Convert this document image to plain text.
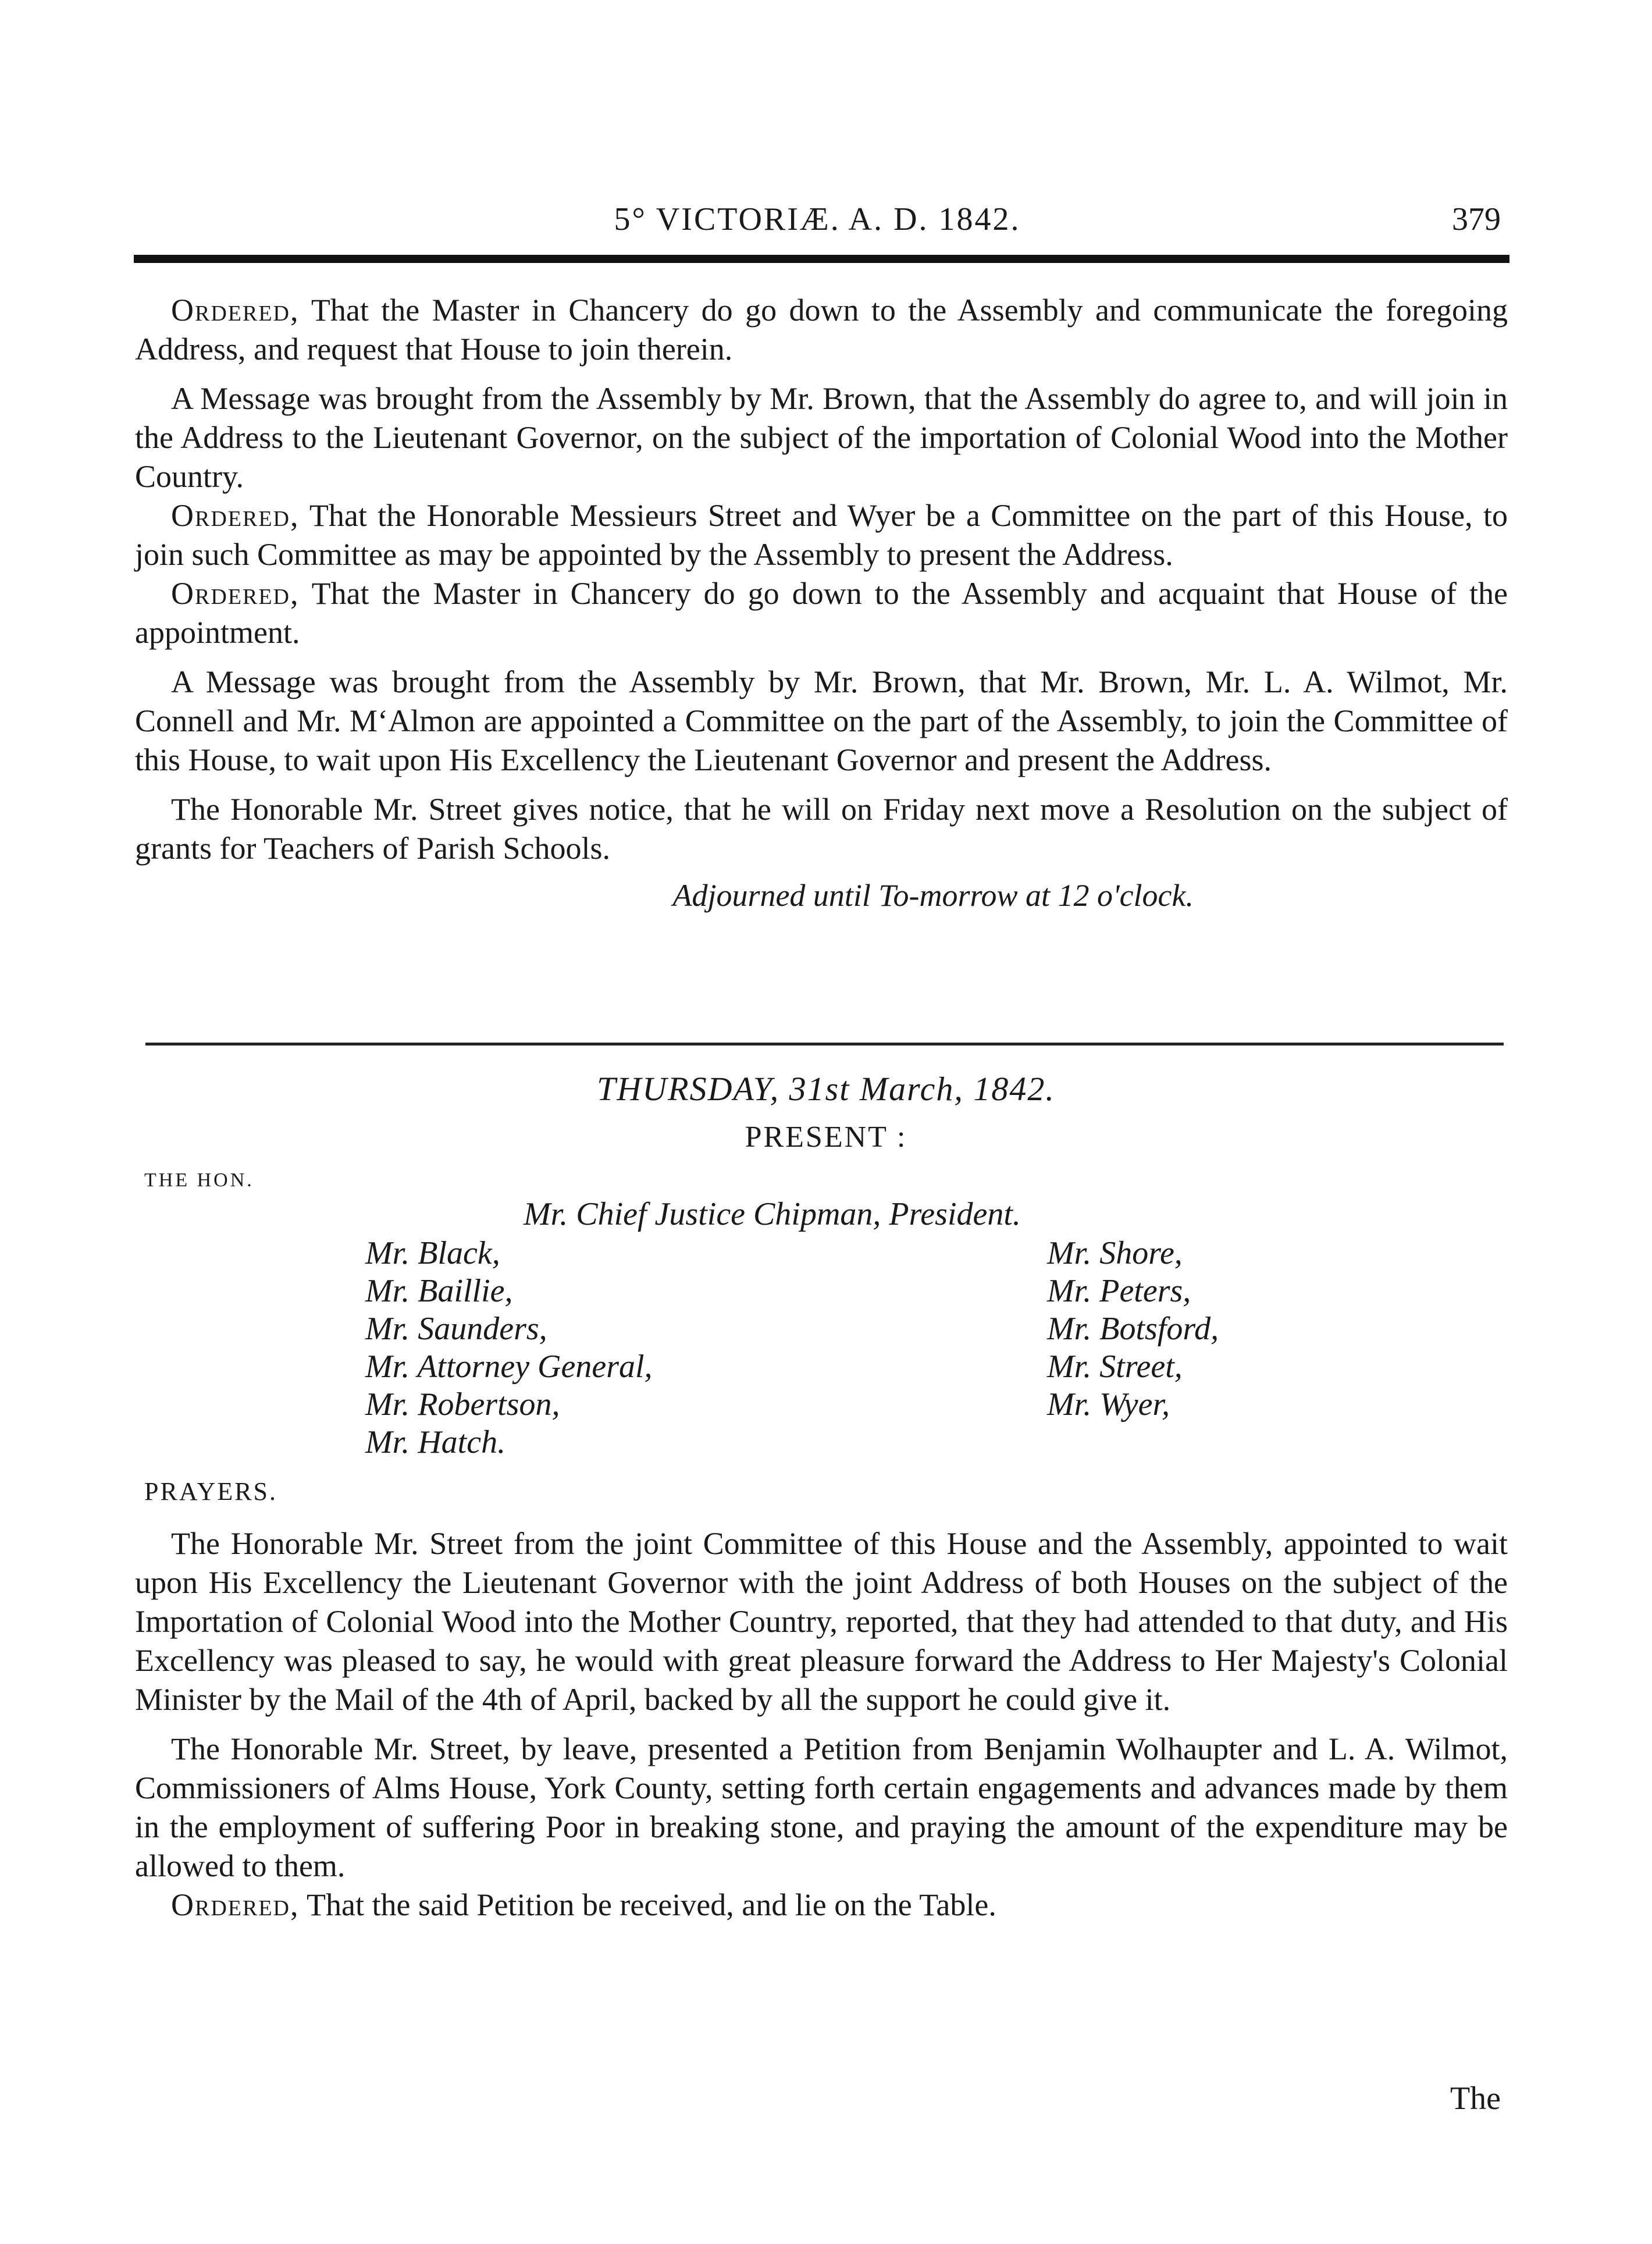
5° VICTORIÆ. A. D. 1842.	379

Ordered, That the Master in Chancery do go down to the Assembly and communicate the foregoing Address, and request that House to join therein.

A Message was brought from the Assembly by Mr. Brown, that the Assembly do agree to, and will join in the Address to the Lieutenant Governor, on the subject of the importation of Colonial Wood into the Mother Country.

Ordered, That the Honorable Messieurs Street and Wyer be a Committee on the part of this House, to join such Committee as may be appointed by the Assembly to present the Address.

Ordered, That the Master in Chancery do go down to the Assembly and acquaint that House of the appointment.

A Message was brought from the Assembly by Mr. Brown, that Mr. Brown, Mr. L. A. Wilmot, Mr. Connell and Mr. M‘Almon are appointed a Committee on the part of the Assembly, to join the Committee of this House, to wait upon His Excellency the Lieutenant Governor and present the Address.

The Honorable Mr. Street gives notice, that he will on Friday next move a Resolution on the subject of grants for Teachers of Parish Schools.

Adjourned until To-morrow at 12 o'clock.
THURSDAY, 31st March, 1842.
PRESENT :
THE HON.
Mr. Chief Justice Chipman, President.
Mr. Black,
Mr. Baillie,
Mr. Saunders,
Mr. Attorney General,
Mr. Robertson,
Mr. Hatch.
Mr. Shore,
Mr. Peters,
Mr. Botsford,
Mr. Street,
Mr. Wyer,
PRAYERS.

The Honorable Mr. Street from the joint Committee of this House and the Assembly, appointed to wait upon His Excellency the Lieutenant Governor with the joint Address of both Houses on the subject of the Importation of Colonial Wood into the Mother Country, reported, that they had attended to that duty, and His Excellency was pleased to say, he would with great pleasure forward the Address to Her Majesty's Colonial Minister by the Mail of the 4th of April, backed by all the support he could give it.

The Honorable Mr. Street, by leave, presented a Petition from Benjamin Wolhaupter and L. A. Wilmot, Commissioners of Alms House, York County, setting forth certain engagements and advances made by them in the employment of suffering Poor in breaking stone, and praying the amount of the expenditure may be allowed to them.

Ordered, That the said Petition be received, and lie on the Table.

The
